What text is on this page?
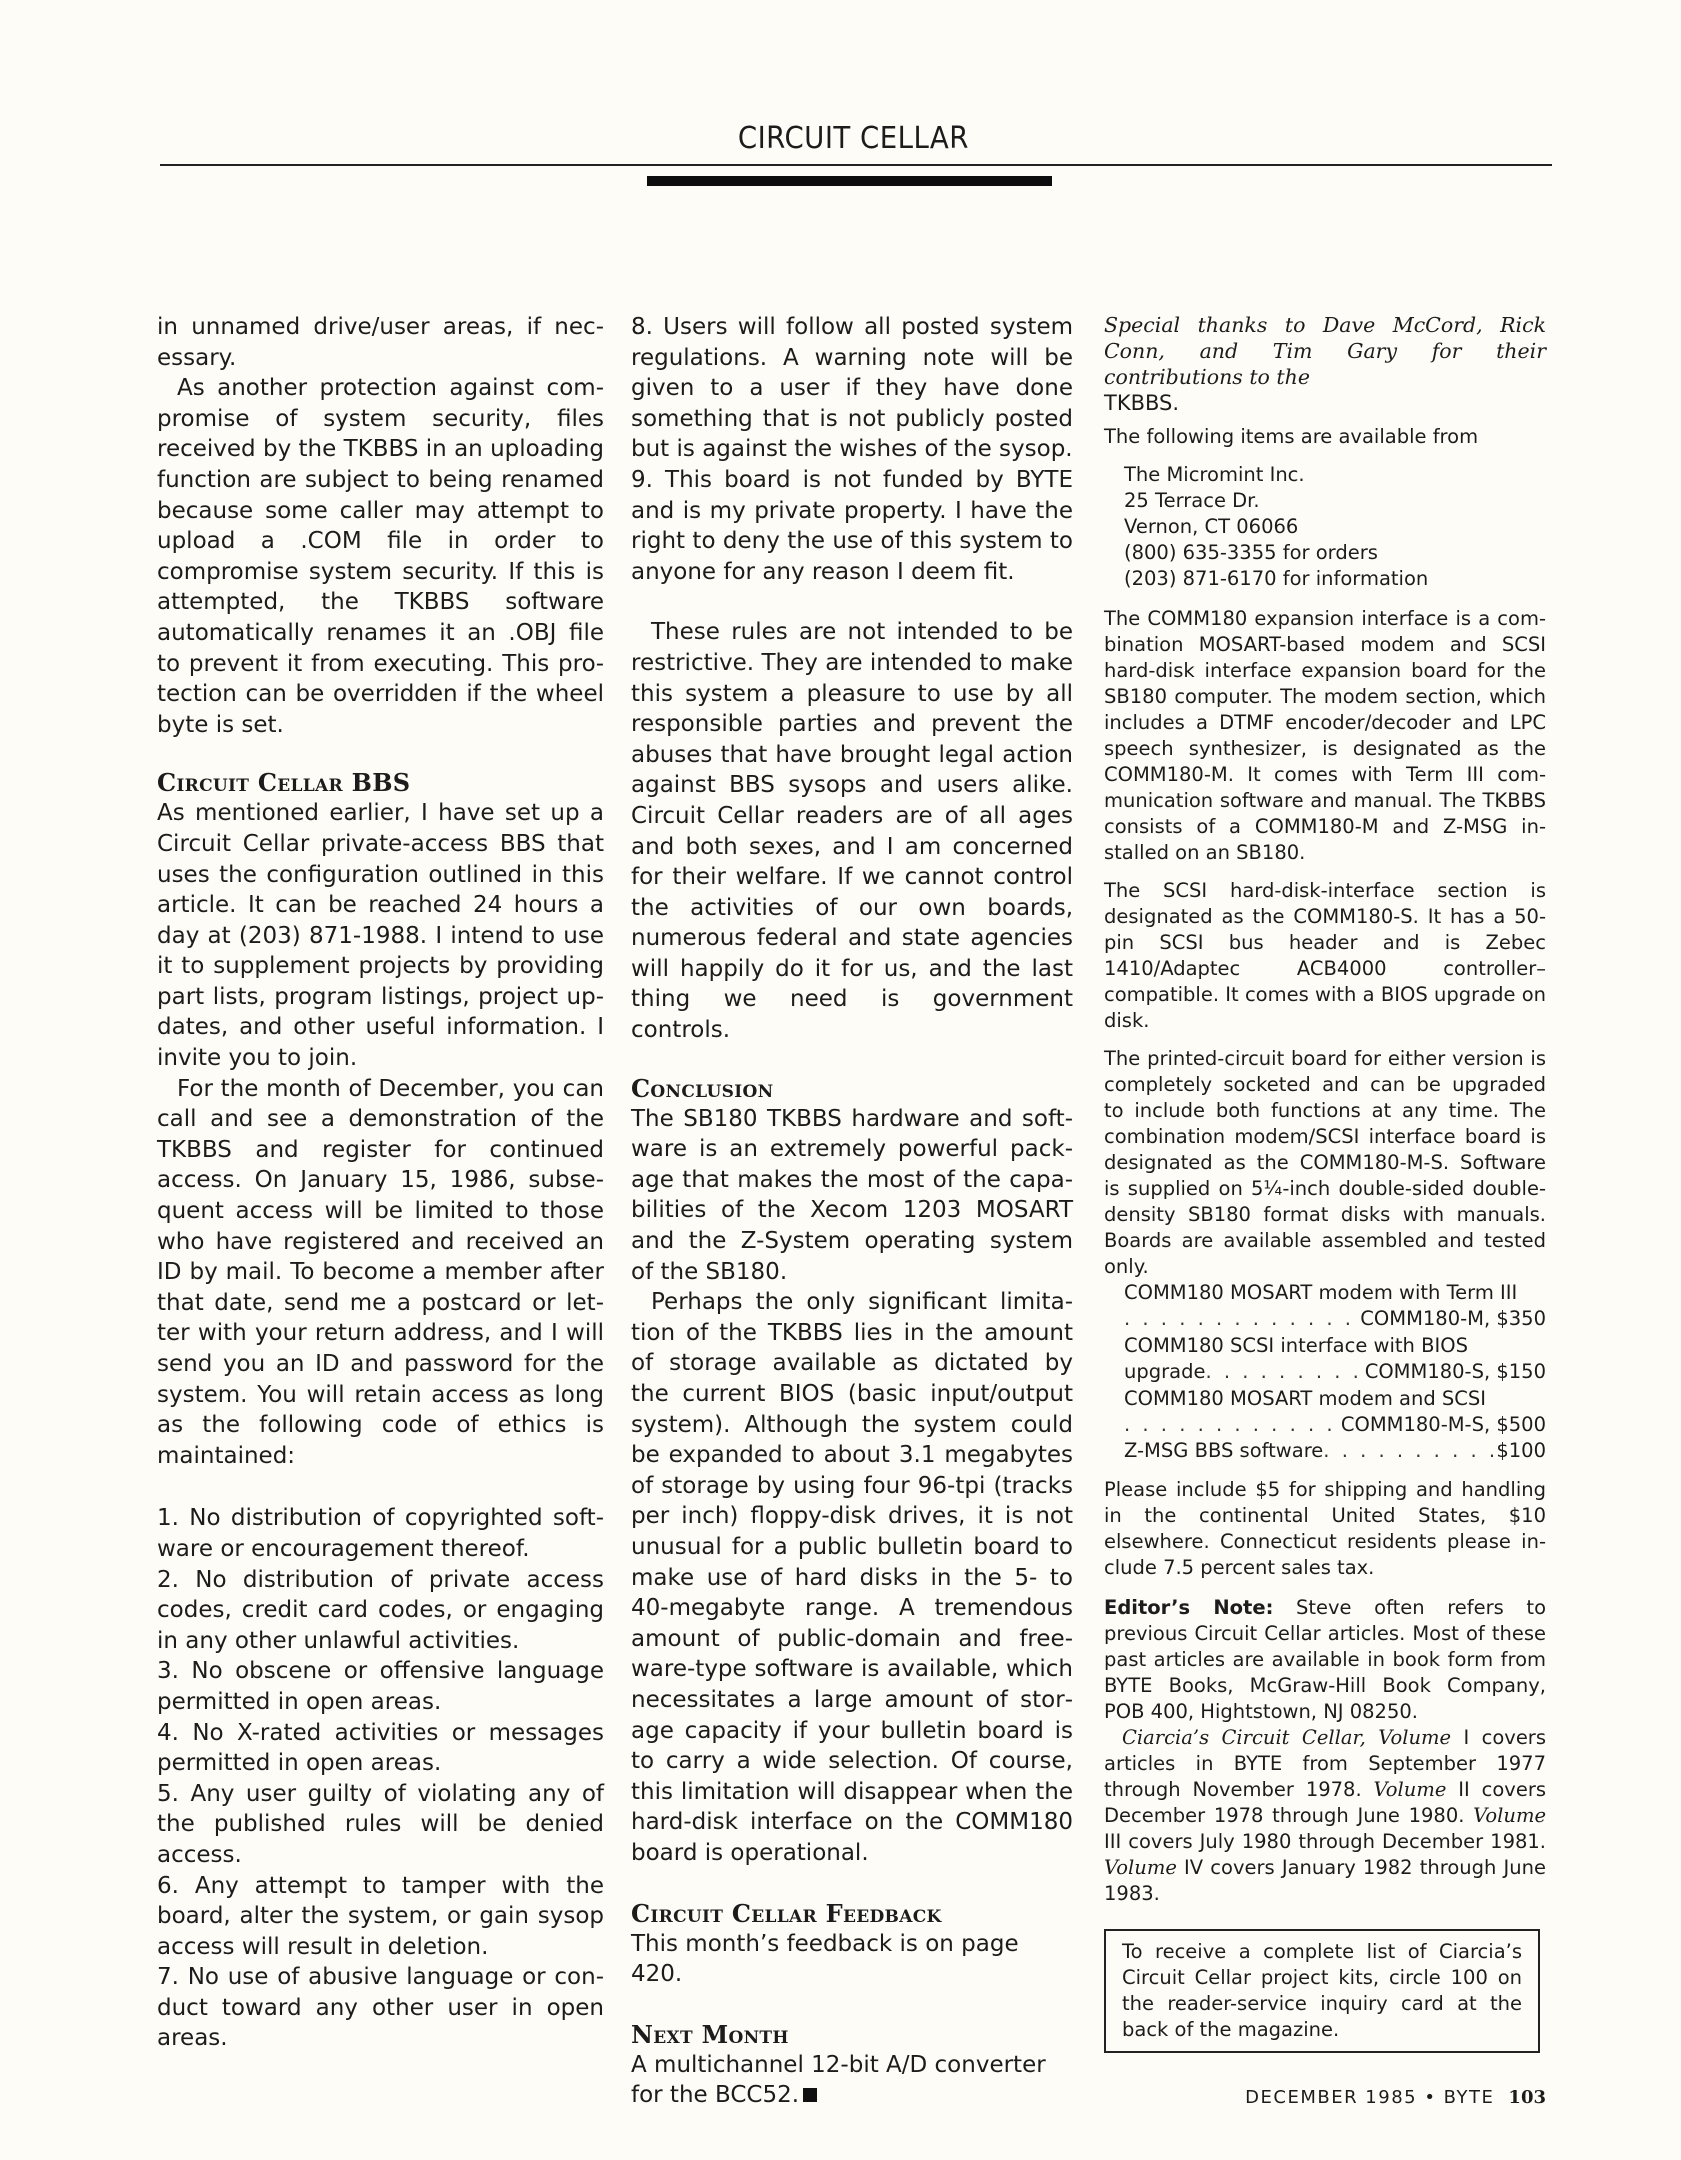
CIRCUIT CELLAR

in unnamed drive/user areas, if necessary.

As another protection against compromise of system security, files received by the TKBBS in an uploading function are subject to being renamed because some caller may attempt to upload a .COM file in order to compromise system security. If this is attempted, the TKBBS software automatically renames it an .OBJ file to prevent it from executing. This protection can be overridden if the wheel byte is set.

Circuit Cellar BBS

As mentioned earlier, I have set up a Circuit Cellar private-access BBS that uses the configuration outlined in this article. It can be reached 24 hours a day at (203) 871-1988. I intend to use it to supplement projects by providing part lists, program listings, project updates, and other useful information. I invite you to join.

For the month of December, you can call and see a demonstration of the TKBBS and register for continued access. On January 15, 1986, subsequent access will be limited to those who have registered and received an ID by mail. To become a member after that date, send me a postcard or letter with your return address, and I will send you an ID and password for the system. You will retain access as long as the following code of ethics is maintained:

1. No distribution of copyrighted software or encouragement thereof.

2. No distribution of private access codes, credit card codes, or engaging in any other unlawful activities.

3. No obscene or offensive language permitted in open areas.

4. No X-rated activities or messages permitted in open areas.

5. Any user guilty of violating any of the published rules will be denied access.

6. Any attempt to tamper with the board, alter the system, or gain sysop access will result in deletion.

7. No use of abusive language or conduct toward any other user in open areas.

8. Users will follow all posted system regulations. A warning note will be given to a user if they have done something that is not publicly posted but is against the wishes of the sysop.

9. This board is not funded by BYTE and is my private property. I have the right to deny the use of this system to anyone for any reason I deem fit.

These rules are not intended to be restrictive. They are intended to make this system a pleasure to use by all responsible parties and prevent the abuses that have brought legal action against BBS sysops and users alike. Circuit Cellar readers are of all ages and both sexes, and I am concerned for their welfare. If we cannot control the activities of our own boards, numerous federal and state agencies will happily do it for us, and the last thing we need is government controls.

Conclusion

The SB180 TKBBS hardware and software is an extremely powerful package that makes the most of the capabilities of the Xecom 1203 MOSART and the Z-System operating system of the SB180.

Perhaps the only significant limitation of the TKBBS lies in the amount of storage available as dictated by the current BIOS (basic input/output system). Although the system could be expanded to about 3.1 megabytes of storage by using four 96-tpi (tracks per inch) floppy-disk drives, it is not unusual for a public bulletin board to make use of hard disks in the 5- to 40-megabyte range. A tremendous amount of public-domain and freeware-type software is available, which necessitates a large amount of storage capacity if your bulletin board is to carry a wide selection. Of course, this limitation will disappear when the hard-disk interface on the COMM180 board is operational.

Circuit Cellar Feedback

This month’s feedback is on page 420.

Next Month

A multichannel 12-bit A/D converter for the BCC52.

Special thanks to Dave McCord, Rick Conn, and Tim Gary for their contributions to the

TKBBS.

The following items are available from

The Micromint Inc.

25 Terrace Dr.

Vernon, CT 06066

(800) 635-3355 for orders

(203) 871-6170 for information

The COMM180 expansion interface is a combination MOSART-based modem and SCSI hard-disk interface expansion board for the SB180 computer. The modem section, which includes a DTMF encoder/decoder and LPC speech synthesizer, is designated as the COMM180-M. It comes with Term III communication software and manual. The TKBBS consists of a COMM180-M and Z-MSG installed on an SB180.

The SCSI hard-disk-interface section is designated as the COMM180-S. It has a 50-pin SCSI bus header and is Zebec 1410/Adaptec ACB4000 controller–compatible. It comes with a BIOS upgrade on disk.

The printed-circuit board for either version is completely socketed and can be upgraded to include both functions at any time. The combination modem/SCSI interface board is designated as the COMM180-M-S. Software is supplied on 5¼-inch double-sided double-density SB180 format disks with manuals. Boards are available assembled and tested only.

COMM180 MOSART modem with Term III
. . .
COMM180-M, $350
COMM180 SCSI interface with BIOS
upgrade . . .	COMM180-S, $150
COMM180 MOSART modem and SCSI
. . .
COMM180-M-S, $500
Z-MSG BBS software . . .	$100

Please include $5 for shipping and handling in the continental United States, $10 elsewhere. Connecticut residents please include 7.5 percent sales tax.

Editor’s Note: Steve often refers to previous Circuit Cellar articles. Most of these past articles are available in book form from BYTE Books, McGraw-Hill Book Company, POB 400, Hightstown, NJ 08250.

Ciarcia’s Circuit Cellar, Volume I covers articles in BYTE from September 1977 through November 1978. Volume II covers December 1978 through June 1980. Volume III covers July 1980 through December 1981. Volume IV covers January 1982 through June 1983.

To receive a complete list of Ciarcia’s Circuit Cellar project kits, circle 100 on the reader-service inquiry card at the back of the magazine.
DECEMBER 1985 • BYTE 103
